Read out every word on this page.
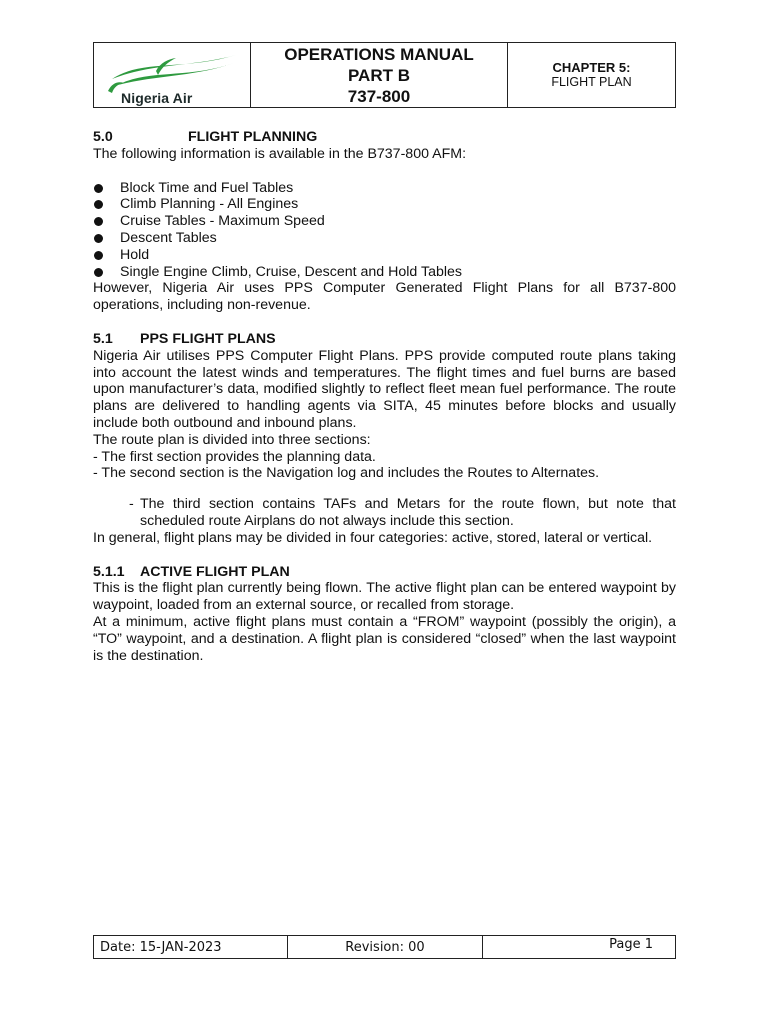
Nigeria Air
OPERATIONS MANUAL
PART B
737-800
CHAPTER 5:
FLIGHT PLAN
5.0	FLIGHT PLANNING

The following information is available in the B737-800 AFM:

Block Time and Fuel Tables
Climb Planning - All Engines
Cruise Tables - Maximum Speed
Descent Tables
Hold
Single Engine Climb, Cruise, Descent and Hold Tables

However, Nigeria Air uses PPS Computer Generated Flight Plans for all B737-800 operations, including non-revenue.

5.1	PPS FLIGHT PLANS

Nigeria Air utilises PPS Computer Flight Plans. PPS provide computed route plans taking into account the latest winds and temperatures. The flight times and fuel burns are based upon manufacturer’s data, modified slightly to reflect fleet mean fuel performance. The route plans are delivered to handling agents via SITA, 45 minutes before blocks and usually include both outbound and inbound plans.

The route plan is divided into three sections:

- The first section provides the planning data.

- The second section is the Navigation log and includes the Routes to Alternates.

- The third section contains TAFs and Metars for the route flown, but note that scheduled route Airplans do not always include this section.

In general, flight plans may be divided in four categories: active, stored, lateral or vertical.

5.1.1	ACTIVE FLIGHT PLAN

This is the flight plan currently being flown. The active flight plan can be entered waypoint by waypoint, loaded from an external source, or recalled from storage.

At a minimum, active flight plans must contain a “FROM” waypoint (possibly the origin), a “TO” waypoint, and a destination. A flight plan is considered “closed” when the last waypoint is the destination.

Date: 15-JAN-2023	Revision: 00	Page 1
